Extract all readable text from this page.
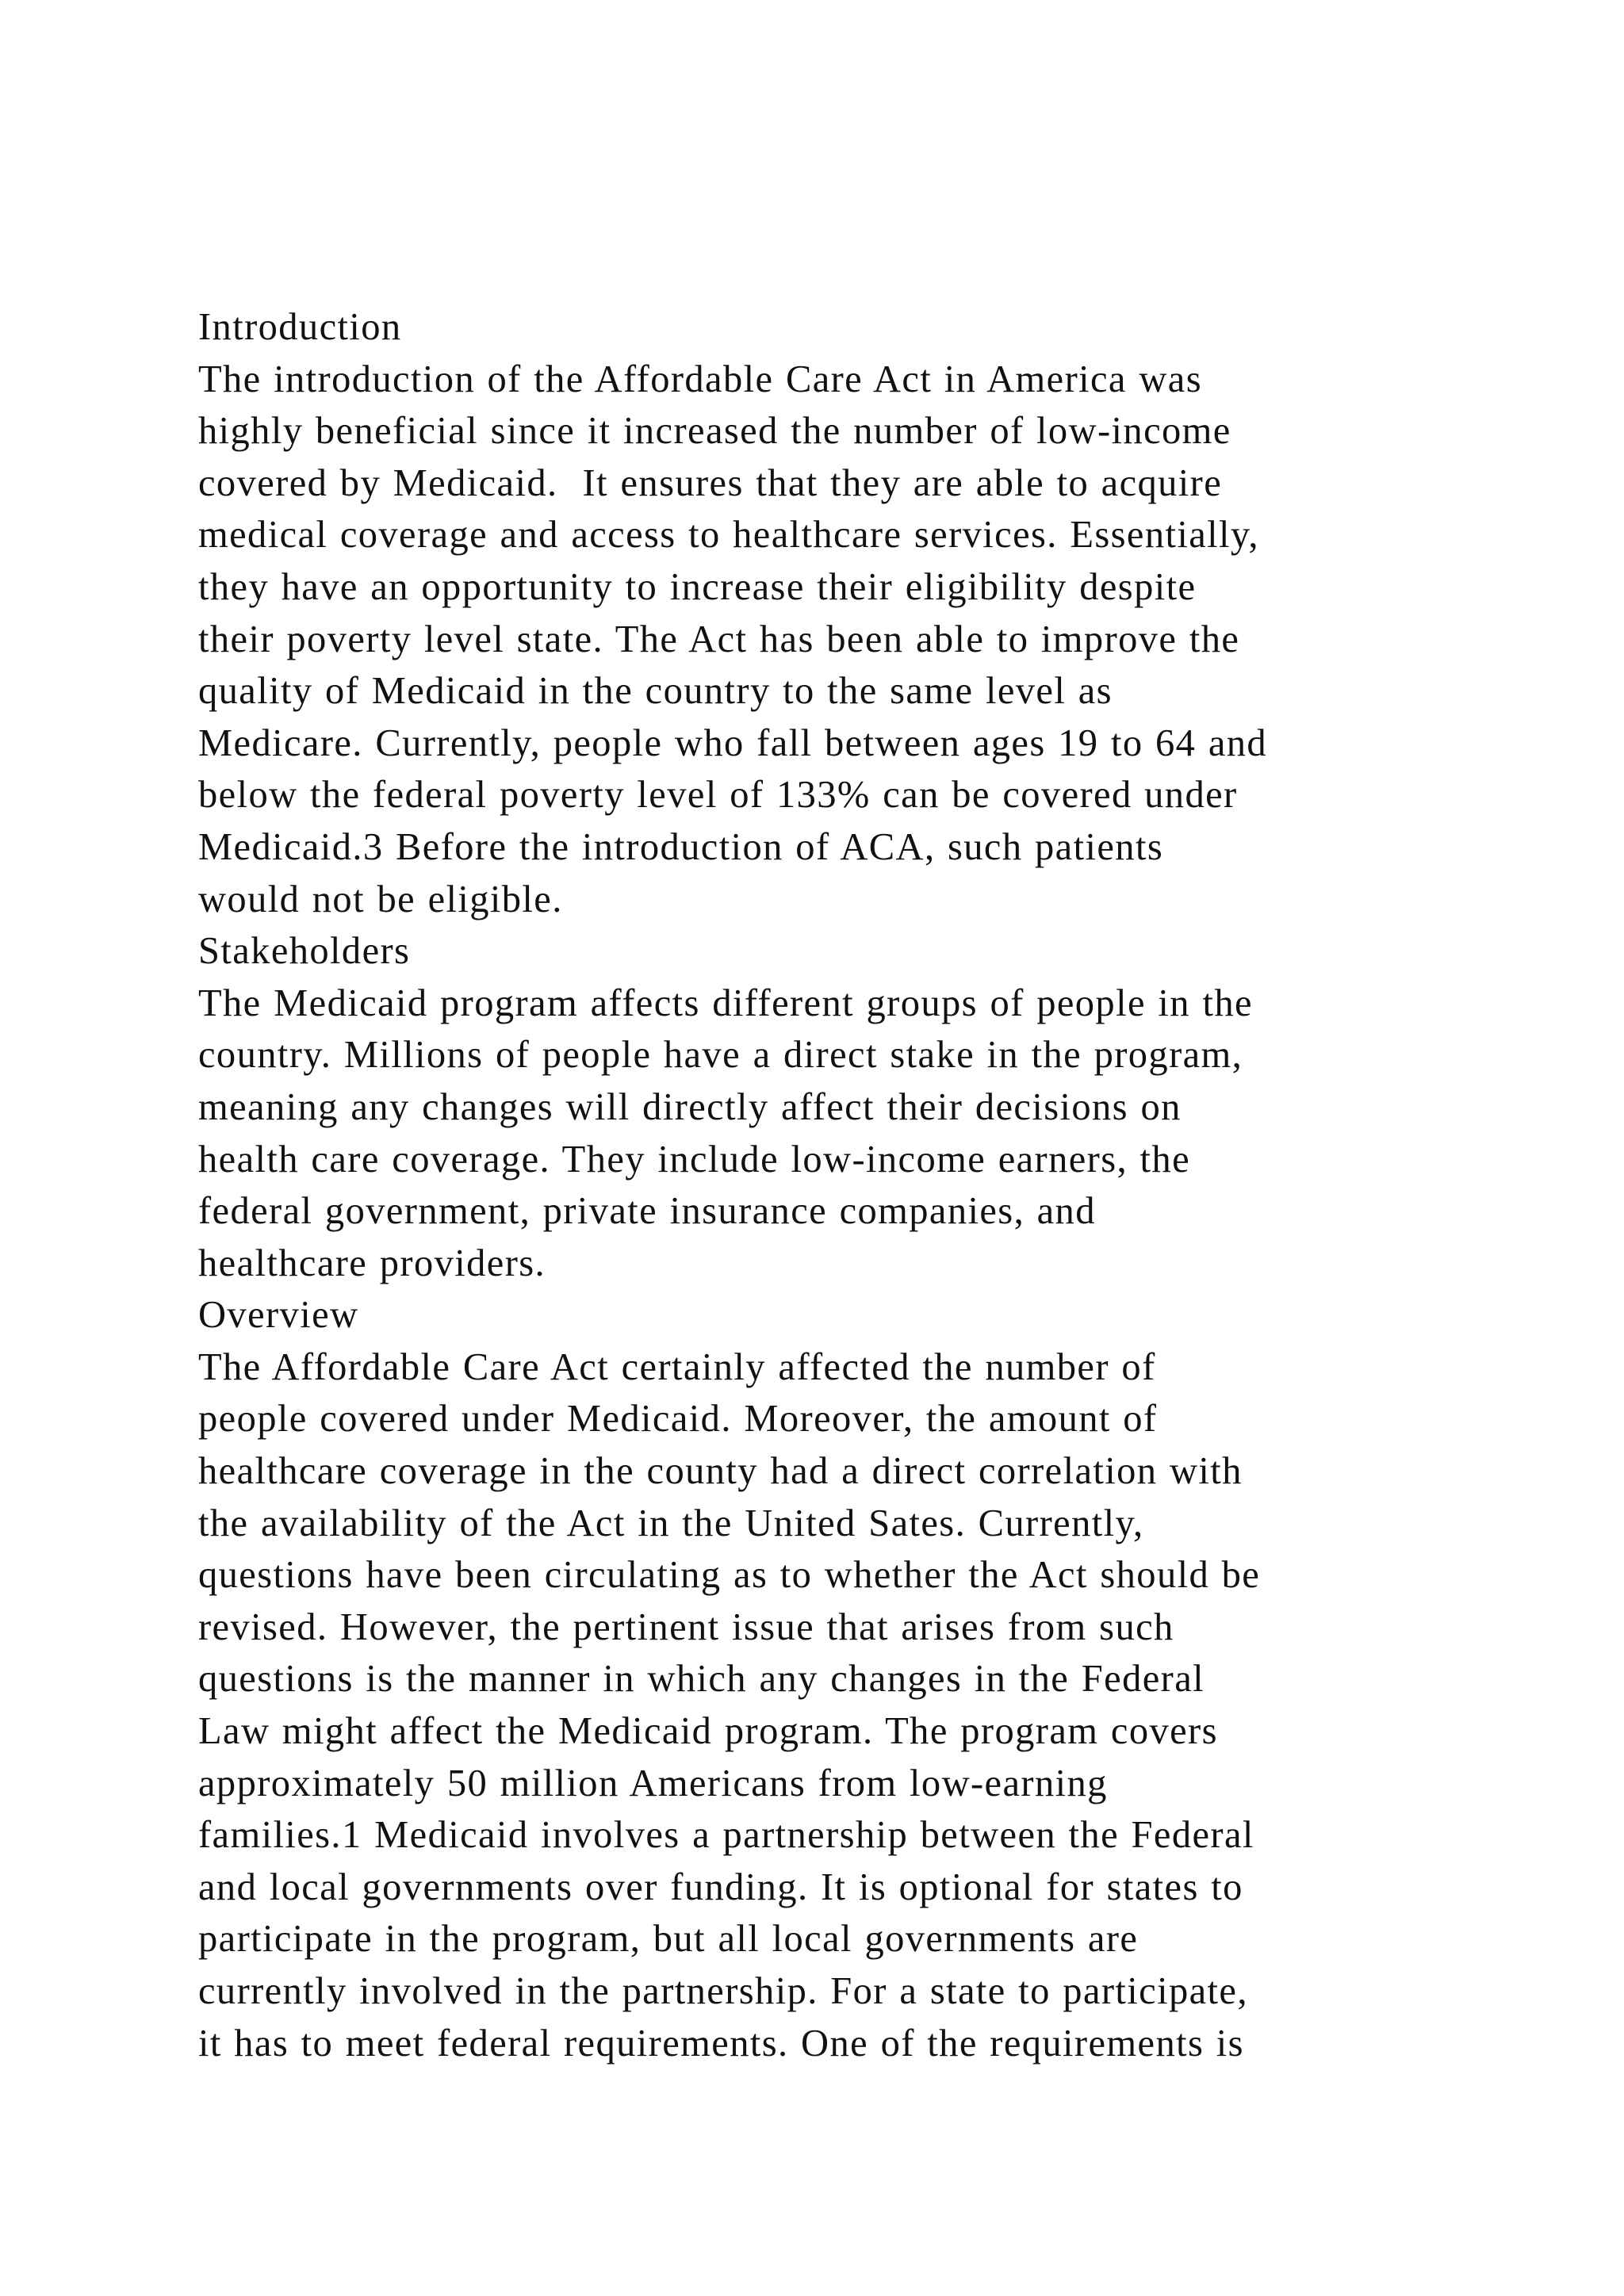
Introduction
The introduction of the Affordable Care Act in America was
highly beneficial since it increased the number of low-income
covered by Medicaid.  It ensures that they are able to acquire
medical coverage and access to healthcare services. Essentially,
they have an opportunity to increase their eligibility despite
their poverty level state. The Act has been able to improve the
quality of Medicaid in the country to the same level as
Medicare. Currently, people who fall between ages 19 to 64 and
below the federal poverty level of 133% can be covered under
Medicaid.3 Before the introduction of ACA, such patients
would not be eligible.
Stakeholders
The Medicaid program affects different groups of people in the
country. Millions of people have a direct stake in the program,
meaning any changes will directly affect their decisions on
health care coverage. They include low-income earners, the
federal government, private insurance companies, and
healthcare providers.
Overview
The Affordable Care Act certainly affected the number of
people covered under Medicaid. Moreover, the amount of
healthcare coverage in the county had a direct correlation with
the availability of the Act in the United Sates. Currently,
questions have been circulating as to whether the Act should be
revised. However, the pertinent issue that arises from such
questions is the manner in which any changes in the Federal
Law might affect the Medicaid program. The program covers
approximately 50 million Americans from low-earning
families.1 Medicaid involves a partnership between the Federal
and local governments over funding. It is optional for states to
participate in the program, but all local governments are
currently involved in the partnership. For a state to participate,
it has to meet federal requirements. One of the requirements is
